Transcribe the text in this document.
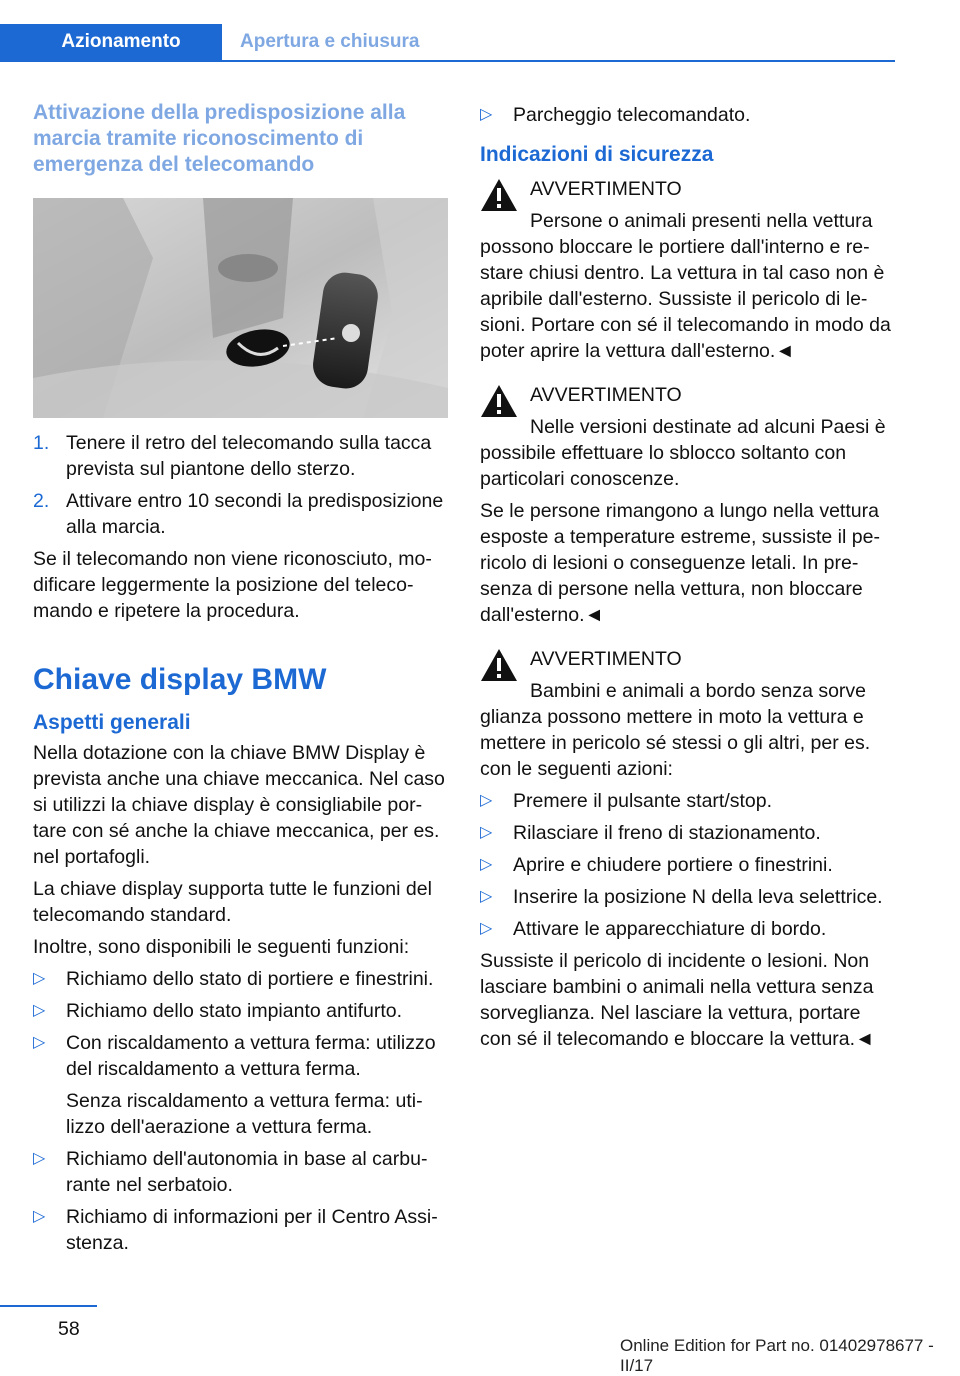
Azionamento	Apertura e chiusura
Attivazione della predisposizione alla marcia tramite riconoscimento di emergenza del telecomando
1. Tenere il retro del telecomando sulla tacca prevista sul piantone dello sterzo.
2. Attivare entro 10 secondi la predisposizione alla marcia.

Se il telecomando non viene riconosciuto, modificare leggermente la posizione del telecomando e ripetere la procedura.

Chiave display BMW
Aspetti generali

Nella dotazione con la chiave BMW Display è prevista anche una chiave meccanica. Nel caso si utilizzi la chiave display è consigliabile portare con sé anche la chiave meccanica, per es. nel portafogli.

La chiave display supporta tutte le funzioni del telecomando standard.

Inoltre, sono disponibili le seguenti funzioni:

▷ Richiamo dello stato di portiere e finestrini.
▷ Richiamo dello stato impianto antifurto.
▷ Con riscaldamento a vettura ferma: utilizzo del riscaldamento a vettura ferma.
Senza riscaldamento a vettura ferma: utilizzo dell'aerazione a vettura ferma.
▷ Richiamo dell'autonomia in base al carburante nel serbatoio.
▷ Richiamo di informazioni per il Centro Assistenza.
▷ Parcheggio telecomandato.
Indicazioni di sicurezza
AVVERTIMENTO
Persone o animali presenti nella vettura
possono bloccare le portiere dall'interno e restare chiusi dentro. La vettura in tal caso non è apribile dall'esterno. Sussiste il pericolo di lesioni. Portare con sé il telecomando in modo da poter aprire la vettura dall'esterno.◄
AVVERTIMENTO
Nelle versioni destinate ad alcuni Paesi è
possibile effettuare lo sblocco soltanto con particolari conoscenze.

Se le persone rimangono a lungo nella vettura esposte a temperature estreme, sussiste il pericolo di lesioni o conseguenze letali. In presenza di persone nella vettura, non bloccare dall'esterno.◄

AVVERTIMENTO
Bambini e animali a bordo senza sorve
glianza possono mettere in moto la vettura e mettere in pericolo sé stessi o gli altri, per es. con le seguenti azioni:
▷ Premere il pulsante start/stop.
▷ Rilasciare il freno di stazionamento.
▷ Aprire e chiudere portiere o finestrini.
▷ Inserire la posizione N della leva selettrice.
▷ Attivare le apparecchiature di bordo.

Sussiste il pericolo di incidente o lesioni. Non lasciare bambini o animali nella vettura senza sorveglianza. Nel lasciare la vettura, portare con sé il telecomando e bloccare la vettura.◄

58
Online Edition for Part no. 01402978677 - II/17
